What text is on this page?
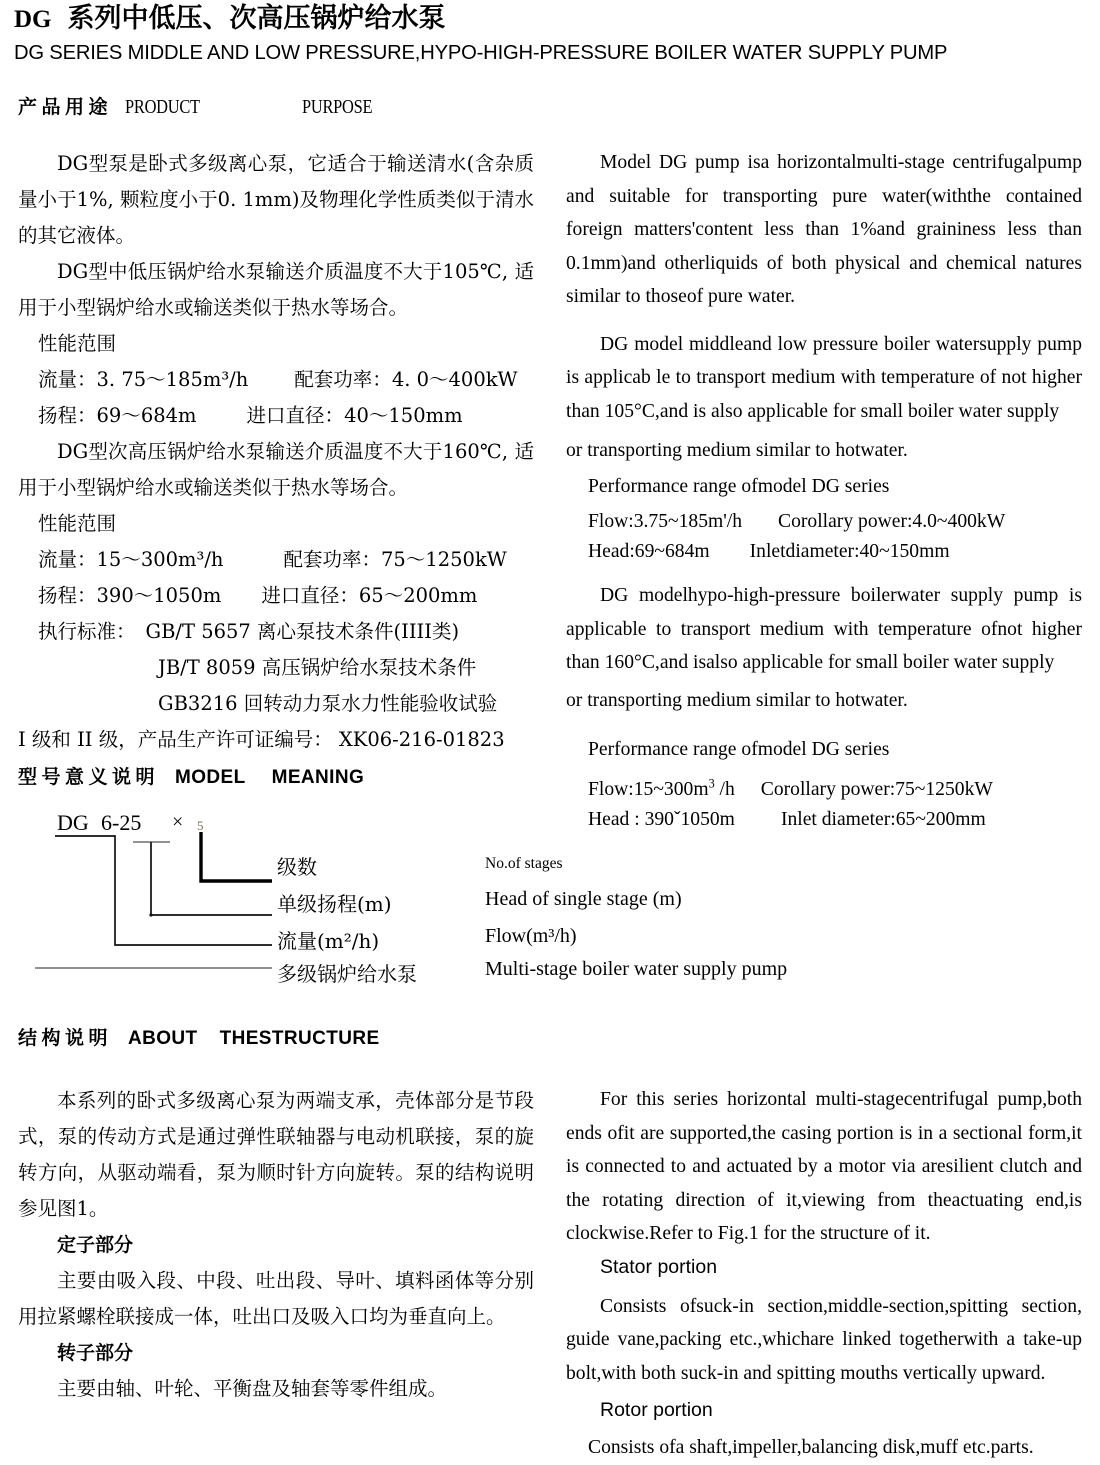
DG 系列中低压、次高压锅炉给水泵
DG SERIES MIDDLE AND LOW PRESSURE,HYPO-HIGH-PRESSURE BOILER WATER SUPPLY PUMP
产品用途 PRODUCT	PURPOSE

DG型泵是卧式多级离心泵，它适合于输送清水(含杂质量小于1%, 颗粒度小于0. 1mm)及物理化学性质类似于清水的其它液体。

DG型中低压锅炉给水泵输送介质温度不大于105℃, 适用于小型锅炉给水或输送类似于热水等场合。

性能范围
流量：3. 75～185m³/h 配套功率：4. 0～400kW
扬程：69～684m	进口直径：40～150mm

DG型次高压锅炉给水泵输送介质温度不大于160℃, 适用于小型锅炉给水或输送类似于热水等场合。

性能范围
流量：15～300m³/h	配套功率：75～1250kW
扬程：390～1050m 进口直径：65～200mm
执行标准： GB/T 5657 离心泵技术条件(IIII类)
JB/T 8059 高压锅炉给水泵技术条件
GB3216 回转动力泵水力性能验收试验
I 级和 II 级，产品生产许可证编号： XK06-216-01823

Model DG pump isa horizontalmulti-stage centrifugalpump and suitable for transporting pure water(withthe contained foreign matters'content less than 1%and graininess less than 0.1mm)and otherliquids of both physical and chemical natures similar to thoseof pure water.

DG model middleand low pressure boiler watersupply pump is applicab le to transport medium with temperature of not higher than 105°C,and is also applicable for small boiler water supply

or transporting medium similar to hotwater.

Performance range ofmodel DG series
Flow:3.75~185m'/h Corollary power:4.0~400kW
Head:69~684m Inletdiameter:40~150mm

DG modelhypo-high-pressure boilerwater supply pump is applicable to transport medium with temperature ofnot higher than 160°C,and isalso applicable for small boiler water supply

or transporting medium similar to hotwater.

Performance range ofmodel DG series
$Flow:15\sim 300m^3$ /h Corollary power:75~1250kW
Head : 390ˇ1050m Inlet diameter:65~200mm
型号意义说明 MODEL MEANING
DG 6-25 × 5
级数
单级扬程(m)
流量(m²/h)
多级锅炉给水泵
No.of stages
Head of single stage (m)
Flow(m³/h)
Multi-stage boiler water supply pump
结构说明 ABOUT THESTRUCTURE

本系列的卧式多级离心泵为两端支承，壳体部分是节段式，泵的传动方式是通过弹性联轴器与电动机联接，泵的旋转方向，从驱动端看，泵为顺时针方向旋转。泵的结构说明参见图1。

定子部分

主要由吸入段、中段、吐出段、导叶、填料函体等分别用拉紧螺栓联接成一体，吐出口及吸入口均为垂直向上。

转子部分

主要由轴、叶轮、平衡盘及轴套等零件组成。

For this series horizontal multi-stagecentrifugal pump,both ends ofit are supported,the casing portion is in a sectional form,it is connected to and actuated by a motor via aresilient clutch and the rotating direction of it,viewing from theactuating end,is clockwise.Refer to Fig.1 for the structure of it.

Stator portion

Consists ofsuck-in section,middle-section,spitting section, guide vane,packing etc.,whichare linked togetherwith a take-up bolt,with both suck-in and spitting mouths vertically upward.

Rotor portion

Consists ofa shaft,impeller,balancing disk,muff etc.parts.
